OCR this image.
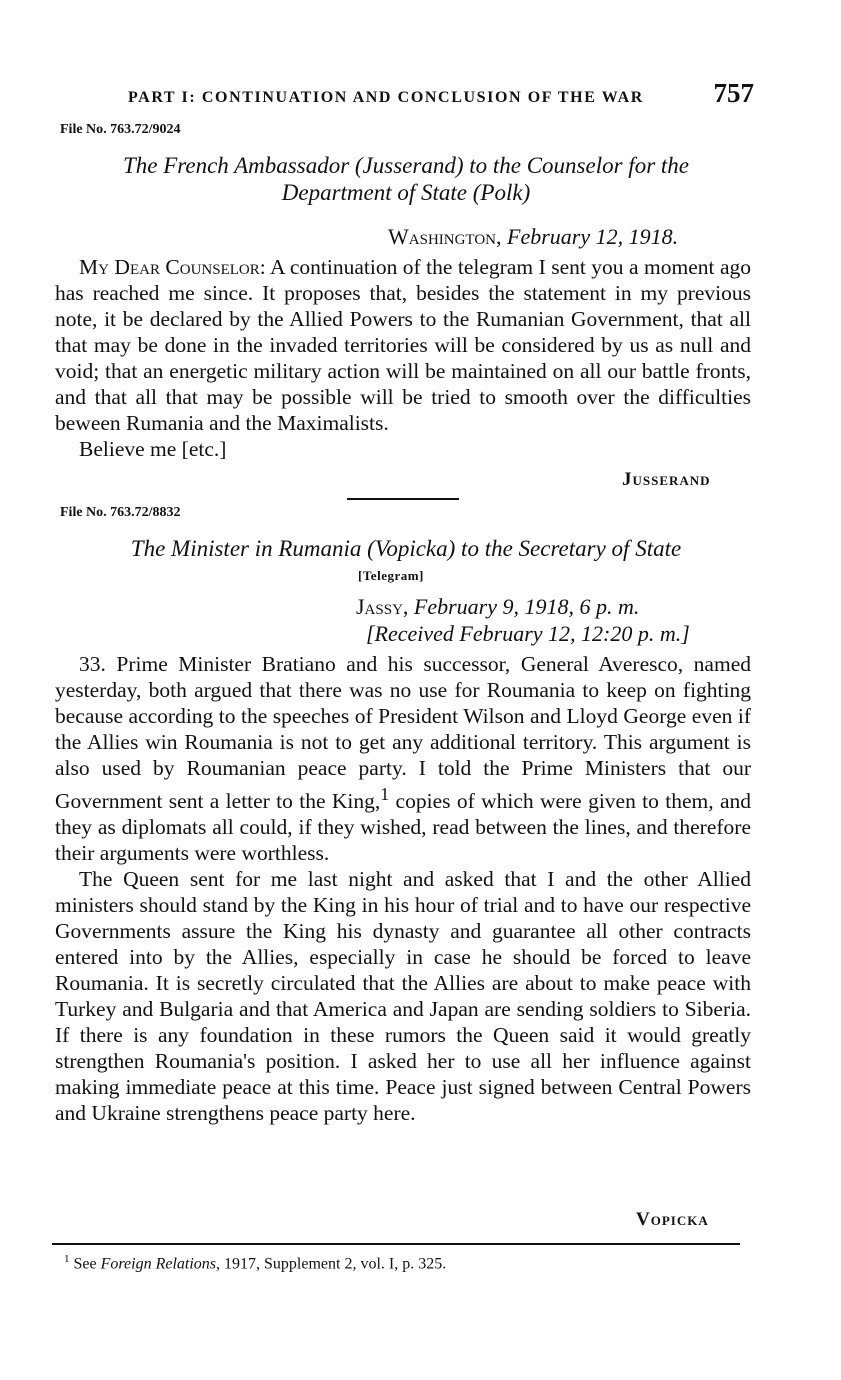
PART I: CONTINUATION AND CONCLUSION OF THE WAR	757
File No. 763.72/9024
The French Ambassador (Jusserand) to the Counselor for the
Department of State (Polk)
Washington, February 12, 1918.

My Dear Counselor: A continuation of the telegram I sent you a moment ago has reached me since. It proposes that, besides the statement in my previous note, it be declared by the Allied Powers to the Rumanian Government, that all that may be done in the invaded territories will be considered by us as null and void; that an energetic military action will be maintained on all our battle fronts, and that all that may be possible will be tried to smooth over the difficulties beween Rumania and the Maximalists.

Believe me [etc.]

Jusserand
File No. 763.72/8832
The Minister in Rumania (Vopicka) to the Secretary of State
[Telegram]
Jassy, February 9, 1918, 6 p. m.
[Received February 12, 12:20 p. m.]

33. Prime Minister Bratiano and his successor, General Averesco, named yesterday, both argued that there was no use for Roumania to keep on fighting because according to the speeches of President Wilson and Lloyd George even if the Allies win Roumania is not to get any additional territory. This argument is also used by Roumanian peace party. I told the Prime Ministers that our Government sent a letter to the King,$^1$ copies of which were given to them, and they as diplomats all could, if they wished, read between the lines, and therefore their arguments were worthless.

The Queen sent for me last night and asked that I and the other Allied ministers should stand by the King in his hour of trial and to have our respective Governments assure the King his dynasty and guarantee all other contracts entered into by the Allies, especially in case he should be forced to leave Roumania. It is secretly circulated that the Allies are about to make peace with Turkey and Bulgaria and that America and Japan are sending soldiers to Siberia. If there is any foundation in these rumors the Queen said it would greatly strengthen Roumania's position. I asked her to use all her influence against making immediate peace at this time. Peace just signed between Central Powers and Ukraine strengthens peace party here.

Vopicka
$^1$ See Foreign Relations, 1917, Supplement 2, vol. I, p. 325.
